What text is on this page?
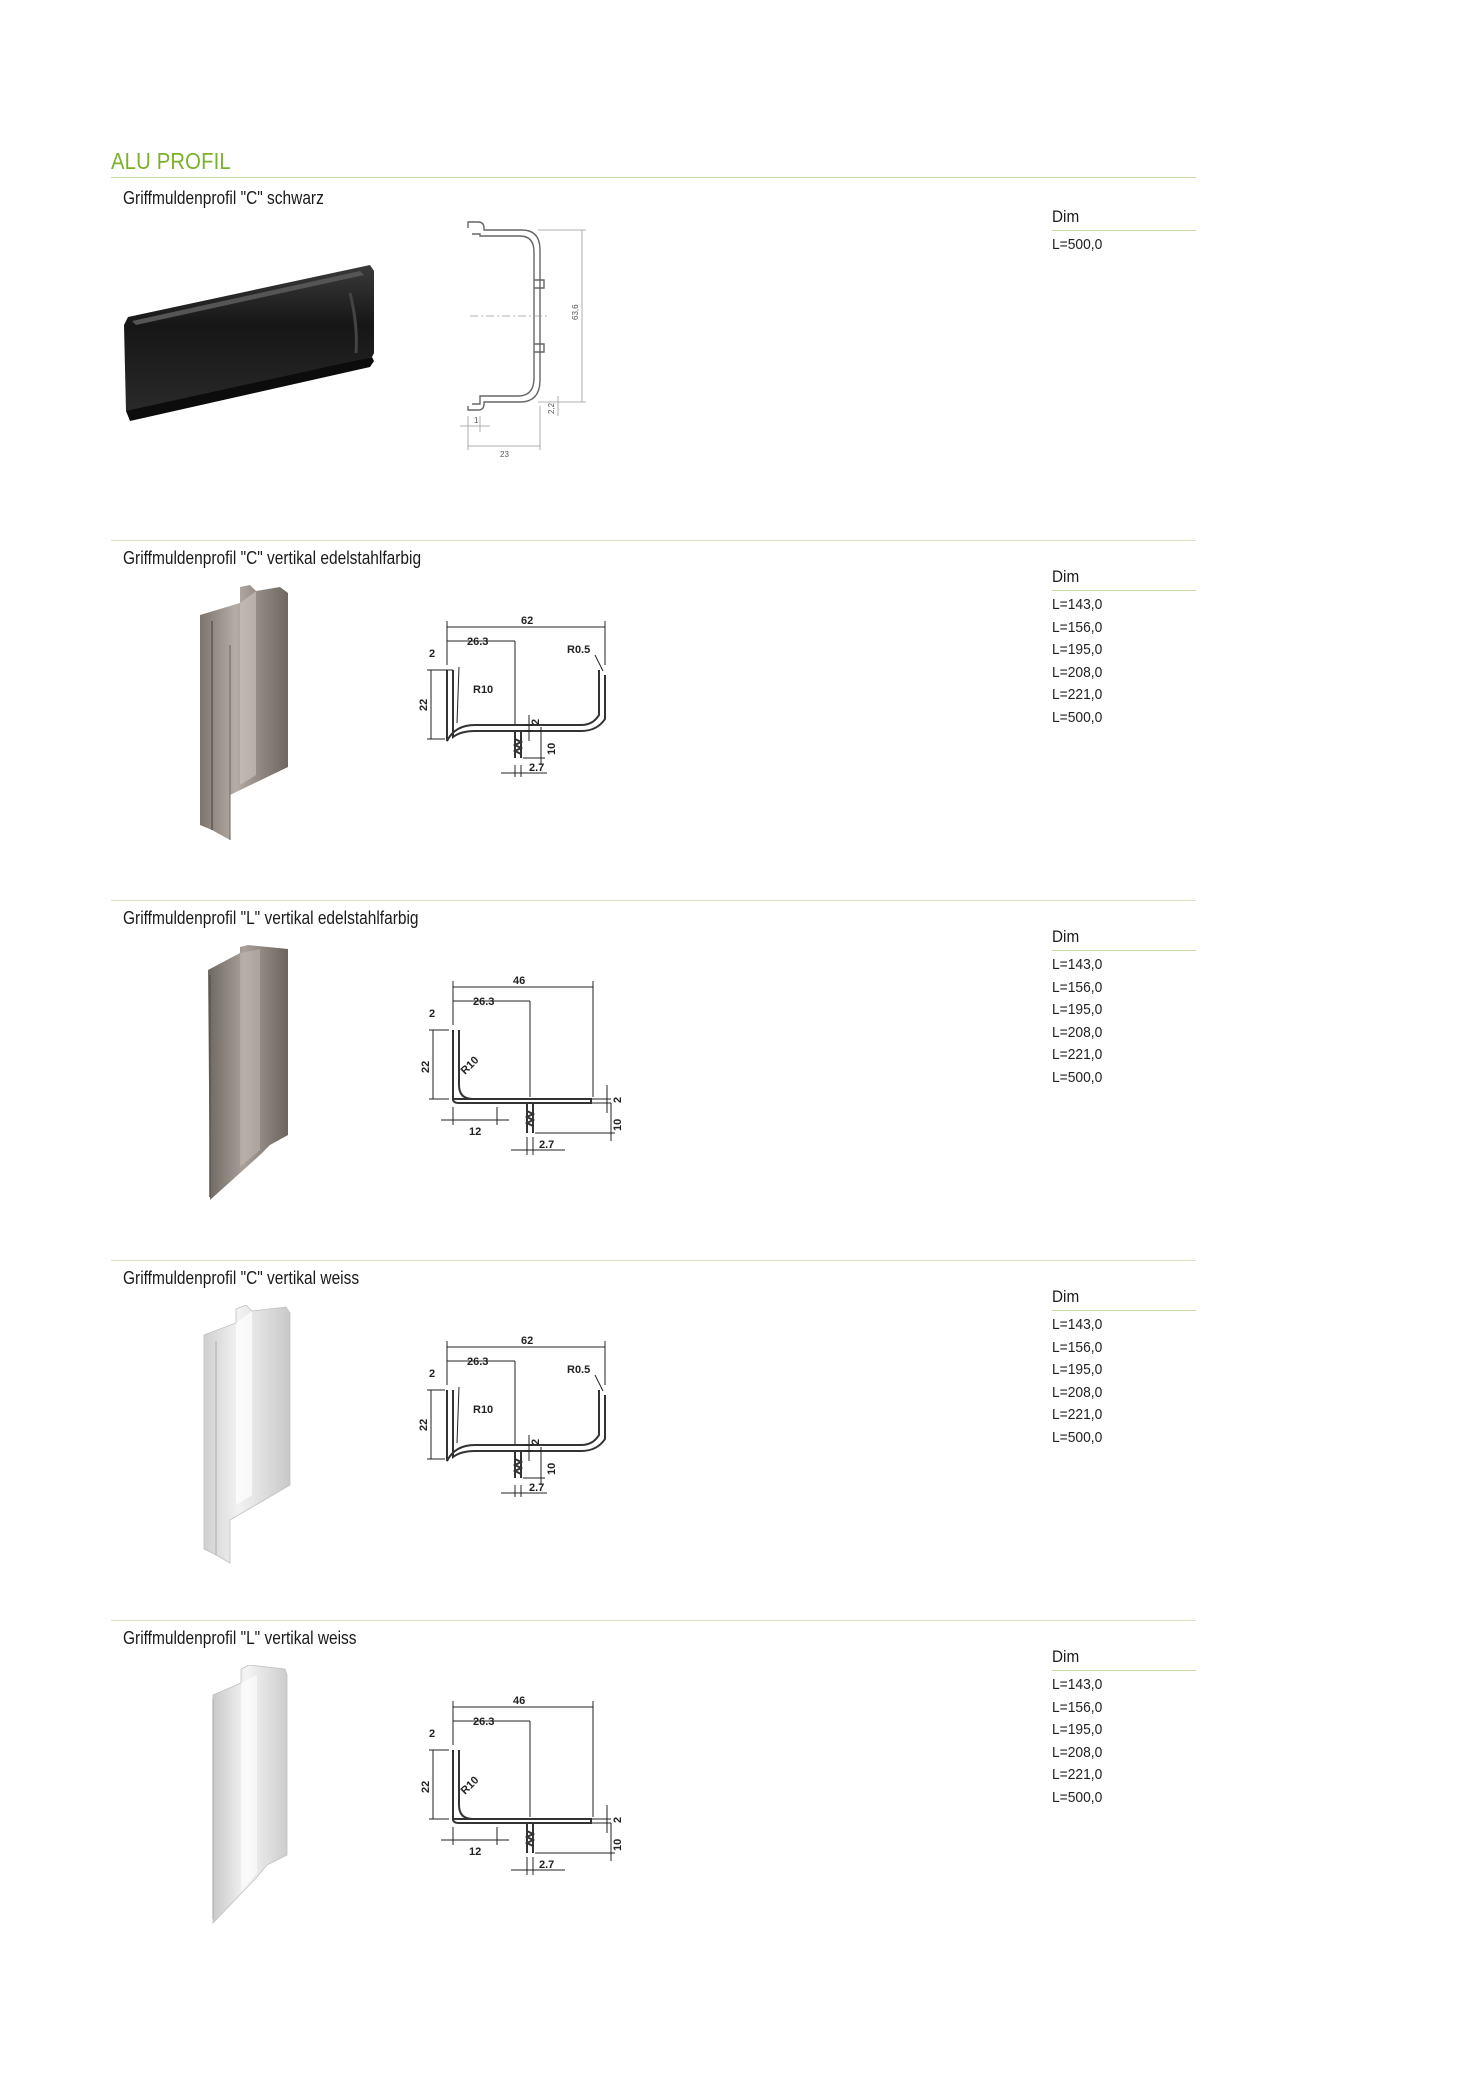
ALU PROFIL
Griffmuldenprofil "C" schwarz
63,6
2,2
1
23
Dim
L=500,0
Griffmuldenprofil "C" vertikal edelstahlfarbig
62
26.3
2	R0.5
R10
22
2
10
2.7
Dim
L=143,0
L=156,0
L=195,0
L=208,0
L=221,0
L=500,0
Griffmuldenprofil "L" vertikal edelstahlfarbig
46
26.3
2
R10
22
2
12
10
2.7
Dim
L=143,0
L=156,0
L=195,0
L=208,0
L=221,0
L=500,0
Griffmuldenprofil "C" vertikal weiss
62
26.3
2	R0.5
R10
22
2
10
2.7
Dim
L=143,0
L=156,0
L=195,0
L=208,0
L=221,0
L=500,0
Griffmuldenprofil "L" vertikal weiss
46
26.3
2
R10
22
2
12
10
2.7
Dim
L=143,0
L=156,0
L=195,0
L=208,0
L=221,0
L=500,0
